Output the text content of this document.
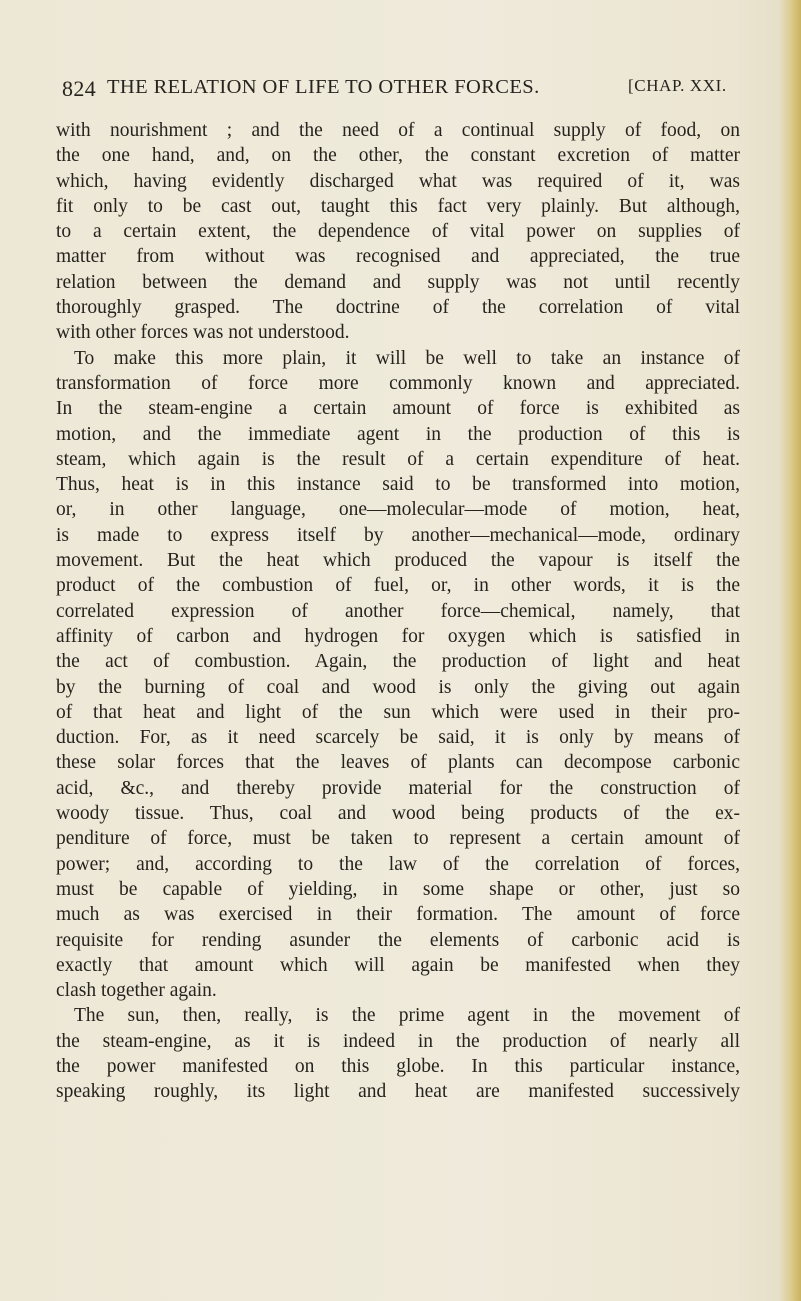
824 THE RELATION OF LIFE TO OTHER FORCES.	[CHAP. XXI.
with nourishment ; and the need of a continual supply of food, on
the one hand, and, on the other, the constant excretion of matter
which, having evidently discharged what was required of it, was
fit only to be cast out, taught this fact very plainly. But although,
to a certain extent, the dependence of vital power on supplies of
matter from without was recognised and appreciated, the true
relation between the demand and supply was not until recently
thoroughly grasped. The doctrine of the correlation of vital
with other forces was not understood.
To make this more plain, it will be well to take an instance of
transformation of force more commonly known and appreciated.
In the steam-engine a certain amount of force is exhibited as
motion, and the immediate agent in the production of this is
steam, which again is the result of a certain expenditure of heat.
Thus, heat is in this instance said to be transformed into motion,
or, in other language, one—molecular—mode of motion, heat,
is made to express itself by another—mechanical—mode, ordinary
movement. But the heat which produced the vapour is itself the
product of the combustion of fuel, or, in other words, it is the
correlated expression of another force—chemical, namely, that
affinity of carbon and hydrogen for oxygen which is satisfied in
the act of combustion. Again, the production of light and heat
by the burning of coal and wood is only the giving out again
of that heat and light of the sun which were used in their pro-
duction. For, as it need scarcely be said, it is only by means of
these solar forces that the leaves of plants can decompose carbonic
acid, &c., and thereby provide material for the construction of
woody tissue. Thus, coal and wood being products of the ex-
penditure of force, must be taken to represent a certain amount of
power; and, according to the law of the correlation of forces,
must be capable of yielding, in some shape or other, just so
much as was exercised in their formation. The amount of force
requisite for rending asunder the elements of carbonic acid is
exactly that amount which will again be manifested when they
clash together again.
The sun, then, really, is the prime agent in the movement of
the steam-engine, as it is indeed in the production of nearly all
the power manifested on this globe. In this particular instance,
speaking roughly, its light and heat are manifested successively
